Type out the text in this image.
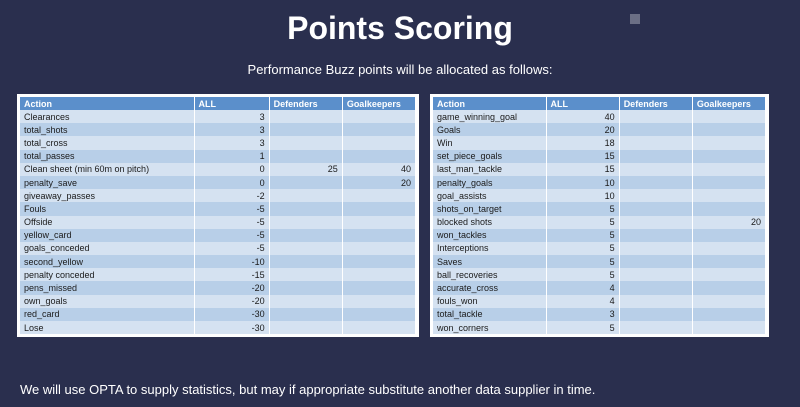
Points Scoring
Performance Buzz points will be allocated as follows:
Action	ALL	Defenders	Goalkeepers
Clearances	3		
total_shots	3		
total_cross	3		
total_passes	1		
Clean sheet (min 60m on pitch)	0	25	40
penalty_save	0		20
giveaway_passes	-2		
Fouls	-5		
Offside	-5		
yellow_card	-5		
goals_conceded	-5		
second_yellow	-10		
penalty conceded	-15		
pens_missed	-20		
own_goals	-20		
red_card	-30		
Lose	-30		
Action	ALL	Defenders	Goalkeepers
game_winning_goal	40		
Goals	20		
Win	18		
set_piece_goals	15		
last_man_tackle	15		
penalty_goals	10		
goal_assists	10		
shots_on_target	5		
blocked shots	5		20
won_tackles	5		
Interceptions	5		
Saves	5		
ball_recoveries	5		
accurate_cross	4		
fouls_won	4		
total_tackle	3		
won_corners	5		
We will use OPTA to supply statistics, but may if appropriate substitute another data supplier in time.
